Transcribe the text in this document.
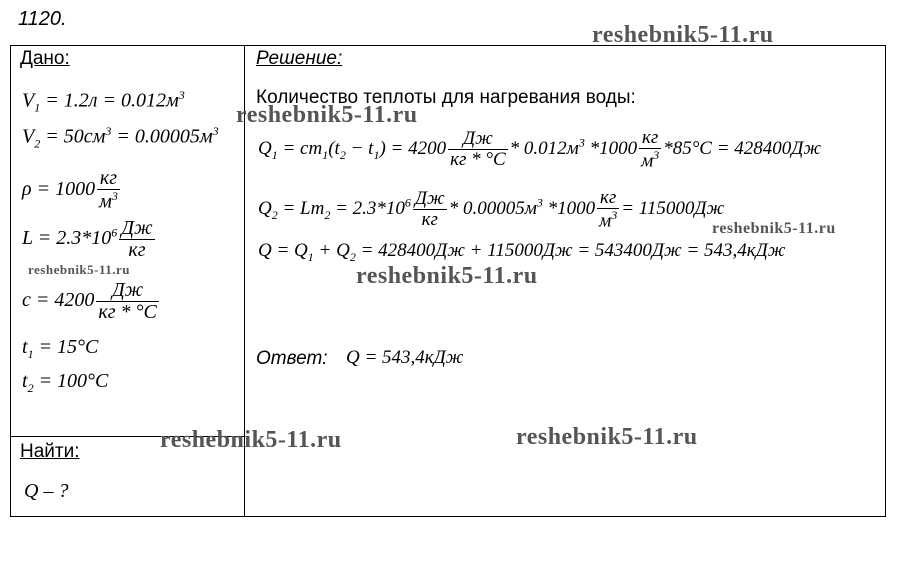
1120.
Дано:
$V_1 = 1.2л = 0.012м^3$
$V_2 = 50см^3 = 0.00005м^3$
$\rho = 1000 \frac{кг}{м^3}$
$L = 2.3*10^6 \frac{Дж}{кг}$
$c = 4200 \frac{Дж}{кг * ^\circ C}$
$t_1 = 15^\circ C$
$t_2 = 100^\circ C$
Найти:
Q – ?
Решение:
Количество теплоты для нагревания воды:
$Q_1 = cm_1(t_2 - t_1) = 4200 \frac{Дж}{кг * ^\circ C} * 0.012м^3$ $*1000 \frac{кг}{м^3} *85^\circ C = 428400Дж$
$Q_2 = Lm_2 = 2.3*10^6 \frac{Дж}{кг} * 0.00005м^3$ $*1000 \frac{кг}{м^3} = 115000Дж$
$Q = Q_1 + Q_2 = 428400Дж + 115000Дж = 543400Дж = 543,4кДж$
Ответ: Q = 543,4кДж
reshebnik5-11.ru
reshebnik5-11.ru
reshebnik5-11.ru
reshebnik5-11.ru	reshebnik5-11.ru
reshebnik5-11.ru	reshebnik5-11.ru
